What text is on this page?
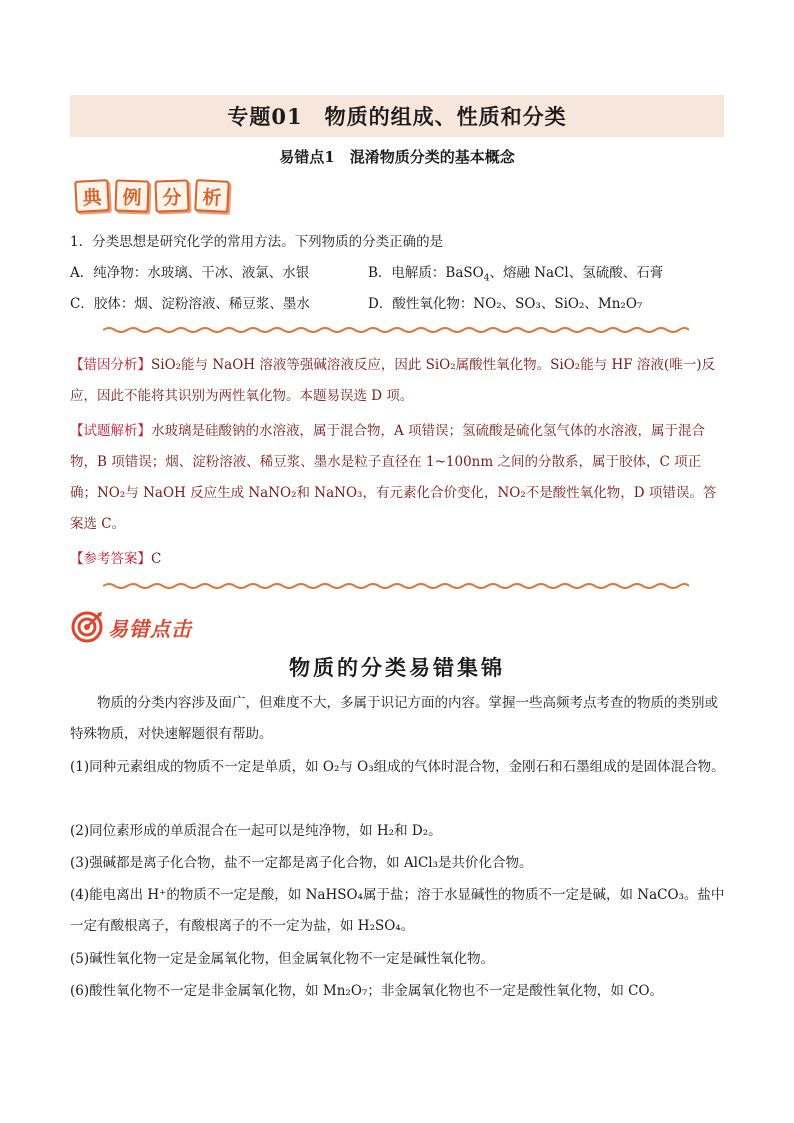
专题01　物质的组成、性质和分类
易错点1　混淆物质分类的基本概念
典	例	分	析
1．分类思想是研究化学的常用方法。下列物质的分类正确的是
A．纯净物：水玻璃、干冰、液氯、水银	B．电解质：BaSO$_4$、熔融 NaCl、氢硫酸、石膏
C．胶体：烟、淀粉溶液、稀豆浆、墨水	D．酸性氧化物：NO₂、SO₃、SiO₂、Mn₂O₇
【错因分析】SiO₂能与 NaOH 溶液等强碱溶液反应，因此 SiO₂属酸性氧化物。SiO₂能与 HF 溶液(唯一)反应，因此不能将其识别为两性氧化物。本题易误选 D 项。
【试题解析】水玻璃是硅酸钠的水溶液，属于混合物，A 项错误；氢硫酸是硫化氢气体的水溶液，属于混合物，B 项错误；烟、淀粉溶液、稀豆浆、墨水是粒子直径在 1~100nm 之间的分散系，属于胶体，C 项正确；NO₂与 NaOH 反应生成 NaNO₂和 NaNO₃，有元素化合价变化，NO₂不是酸性氧化物，D 项错误。答案选 C。
【参考答案】C
易错点击
物质的分类易错集锦
物质的分类内容涉及面广，但难度不大，多属于识记方面的内容。掌握一些高频考点考查的物质的类别或特殊物质，对快速解题很有帮助。
(1)同种元素组成的物质不一定是单质，如 O₂与 O₃组成的气体时混合物，金刚石和石墨组成的是固体混合物。
(2)同位素形成的单质混合在一起可以是纯净物，如 H₂和 D₂。
(3)强碱都是离子化合物，盐不一定都是离子化合物，如 AlCl₃是共价化合物。
(4)能电离出 H⁺的物质不一定是酸，如 NaHSO₄属于盐；溶于水显碱性的物质不一定是碱，如 NaCO₃。盐中一定有酸根离子，有酸根离子的不一定为盐，如 H₂SO₄。
(5)碱性氧化物一定是金属氧化物，但金属氧化物不一定是碱性氧化物。
(6)酸性氧化物不一定是非金属氧化物，如 Mn₂O₇；非金属氧化物也不一定是酸性氧化物，如 CO。
